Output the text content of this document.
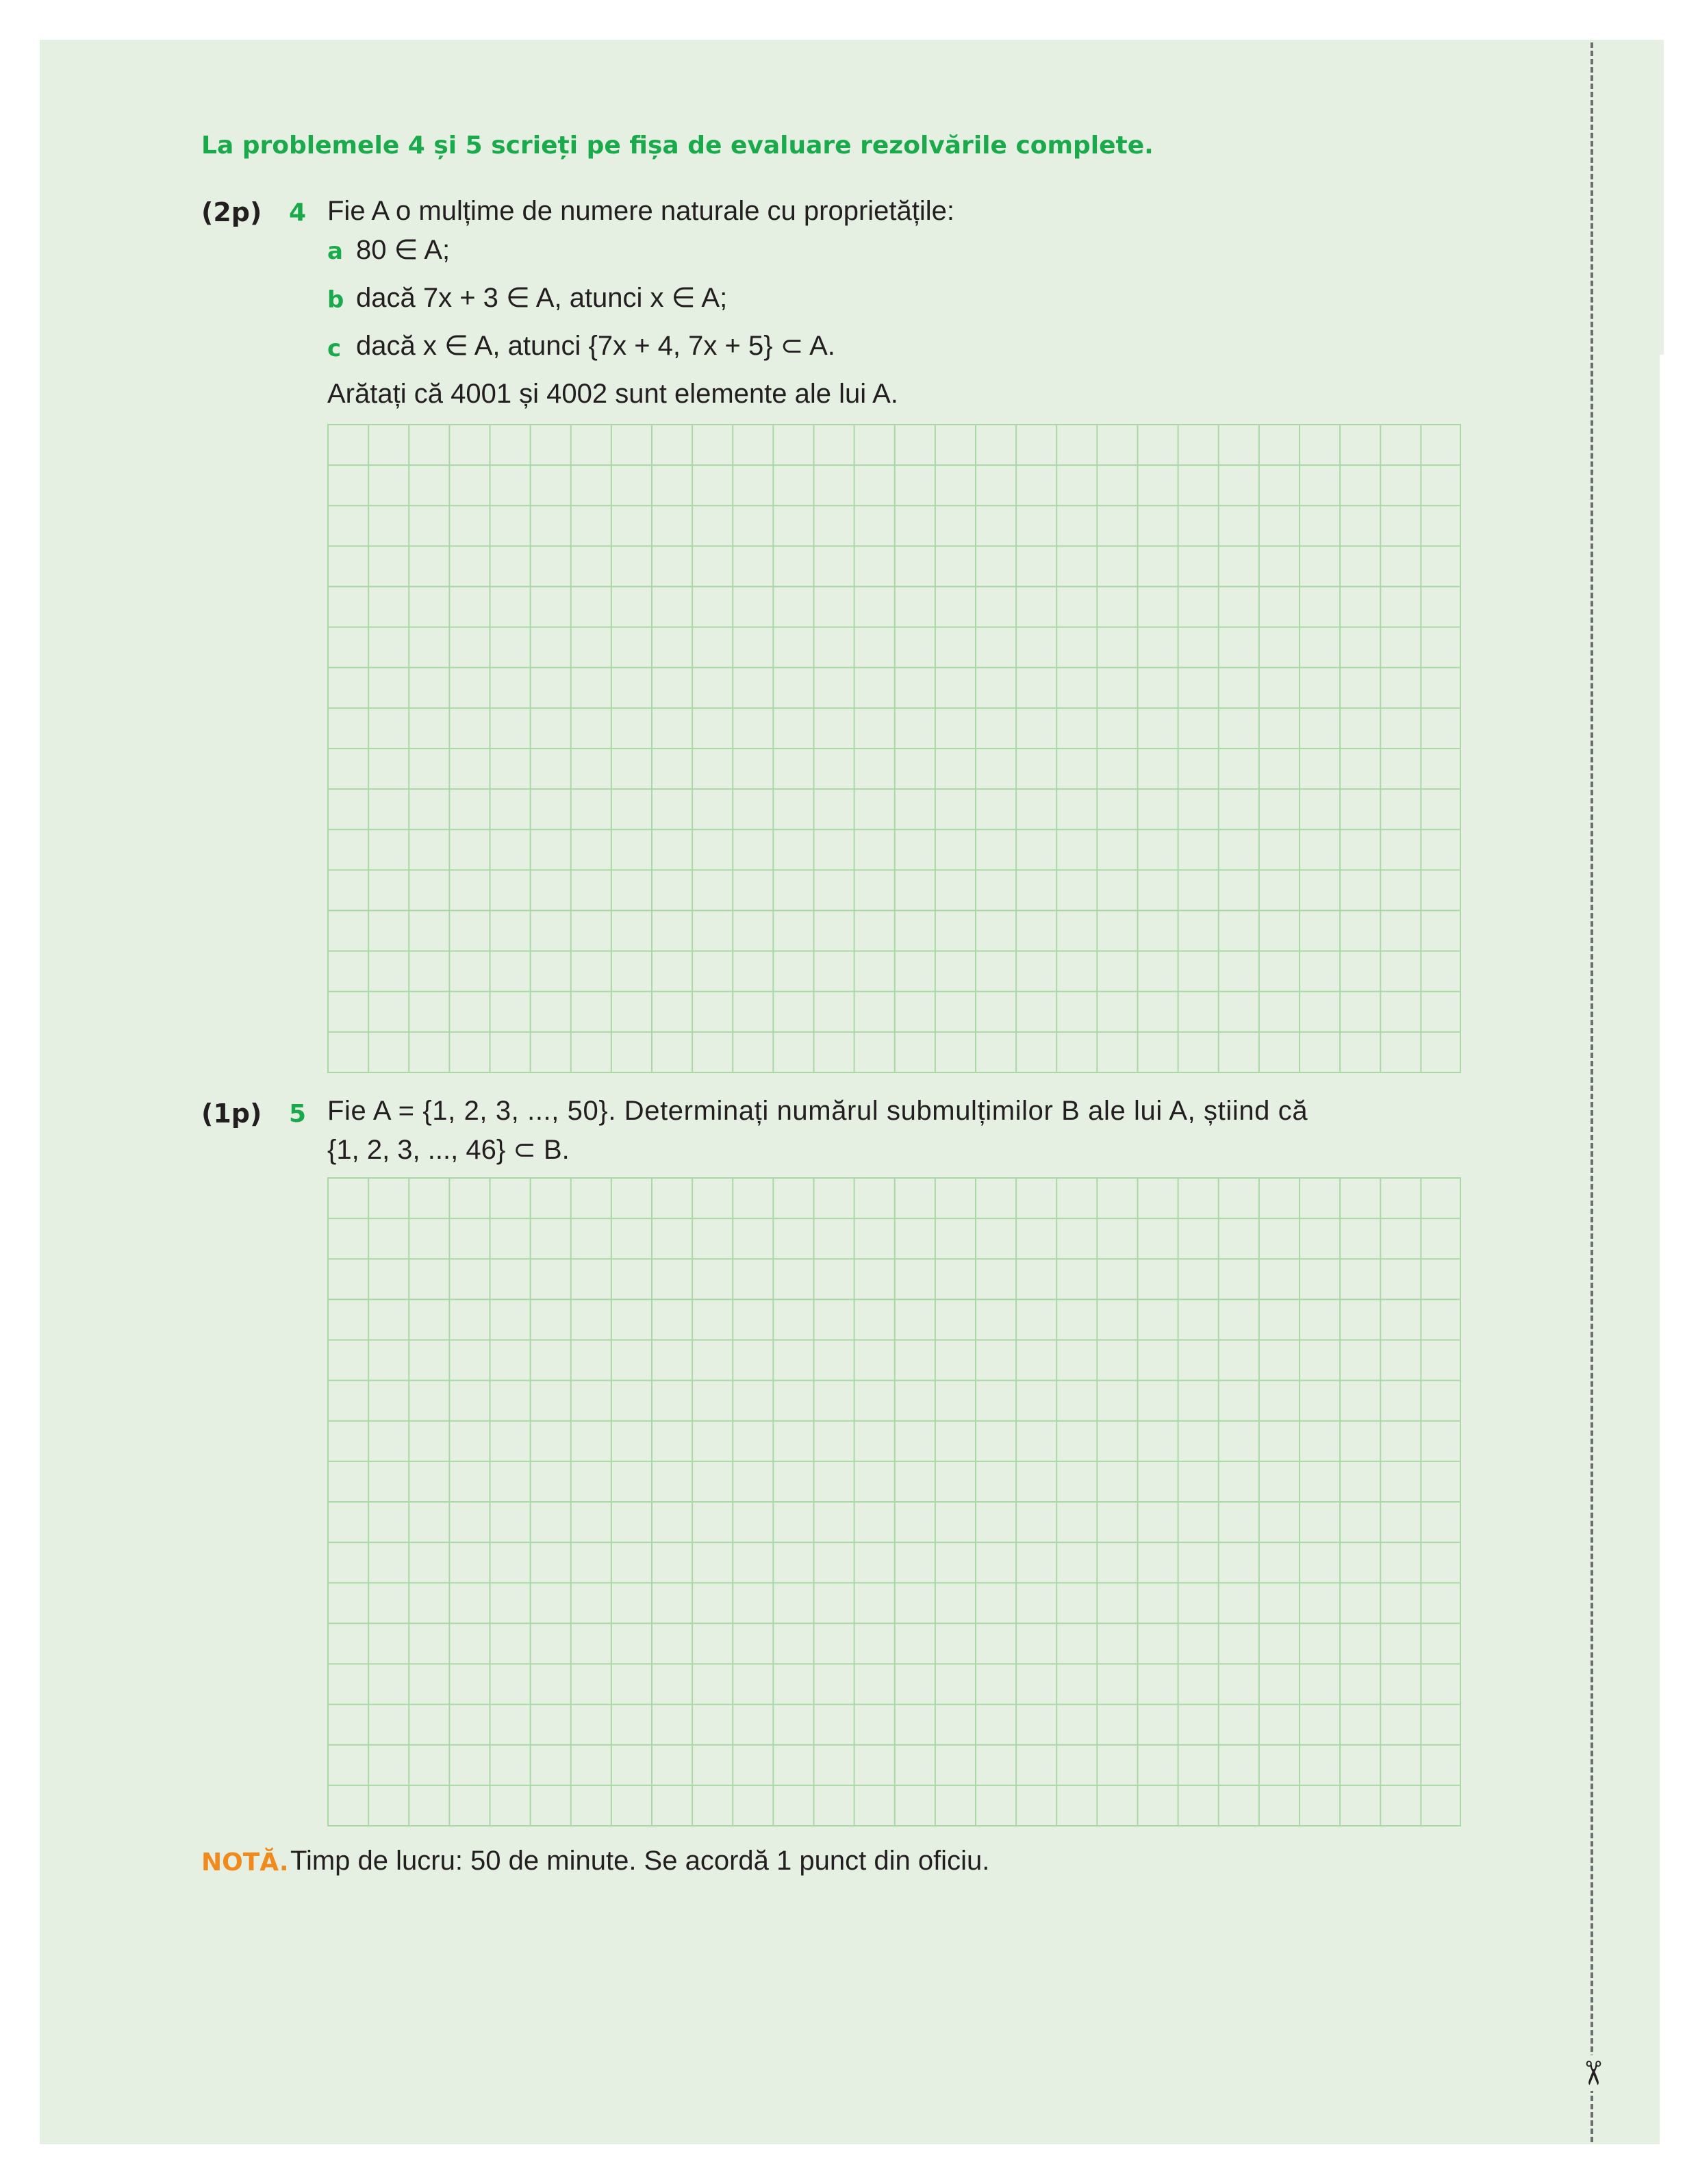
✂
La problemele 4 și 5 scrieți pe fișa de evaluare rezolvările complete.
(2p) 4 Fie A o mulțime de numere naturale cu proprietățile:
a 80 ∈ A;
b dacă 7x + 3 ∈ A, atunci x ∈ A;
c dacă x ∈ A, atunci {7x + 4, 7x + 5} ⊂ A.
Arătați că 4001 și 4002 sunt elemente ale lui A.
(1p) 5 Fie A = {1, 2, 3, ..., 50}. Determinați numărul submulțimilor B ale lui A, știind că
{1, 2, 3, ..., 46} ⊂ B.
NOTĂ. Timp de lucru: 50 de minute. Se acordă 1 punct din oficiu.
